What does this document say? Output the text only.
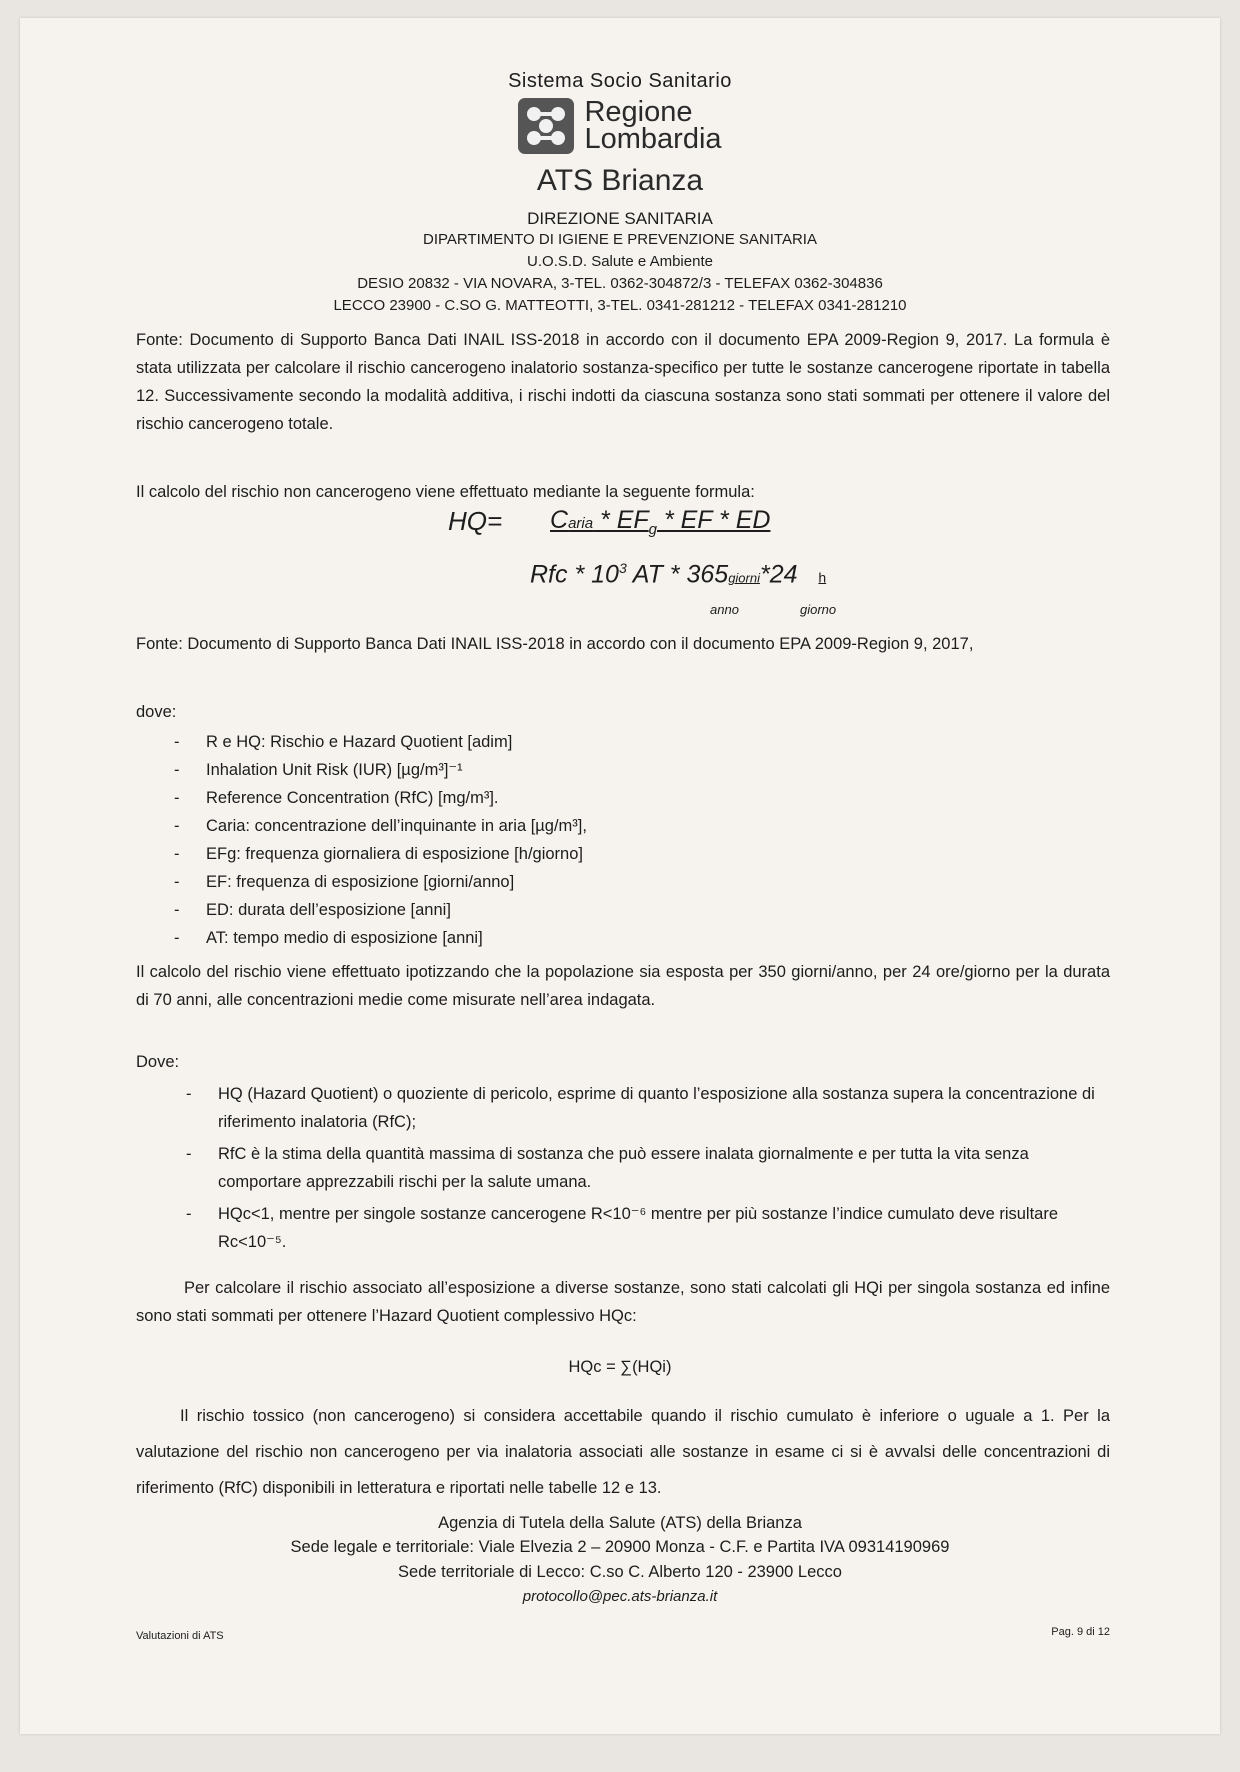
Sistema Socio Sanitario
Regione
Lombardia
ATS Brianza
DIREZIONE SANITARIA
DIPARTIMENTO DI IGIENE E PREVENZIONE SANITARIA
U.O.S.D. Salute e Ambiente
DESIO 20832 - VIA NOVARA, 3-TEL. 0362-304872/3 - TELEFAX 0362-304836
LECCO 23900 - C.SO G. MATTEOTTI, 3-TEL. 0341-281212 - TELEFAX 0341-281210
Fonte: Documento di Supporto Banca Dati INAIL ISS-2018 in accordo con il documento EPA 2009-Region 9, 2017. La formula è stata utilizzata per calcolare il rischio cancerogeno inalatorio sostanza-specifico per tutte le sostanze cancerogene riportate in tabella 12. Successivamente secondo la modalità additiva, i rischi indotti da ciascuna sostanza sono stati sommati per ottenere il valore del rischio cancerogeno totale.
Il calcolo del rischio non cancerogeno viene effettuato mediante la seguente formula:
HQ= Caria * $EF_g$ * EF * ED
Rfc * $10^3$ AT * 365giorni*24 h
anno	giorno
Fonte: Documento di Supporto Banca Dati INAIL ISS-2018 in accordo con il documento EPA 2009-Region 9, 2017,
dove:
- R e HQ: Rischio e Hazard Quotient [adim]
- Inhalation Unit Risk (IUR) [µg/m³]⁻¹
- Reference Concentration (RfC) [mg/m³].
- Caria: concentrazione dell’inquinante in aria [µg/m³],
- EFg: frequenza giornaliera di esposizione [h/giorno]
- EF: frequenza di esposizione [giorni/anno]
- ED: durata dell’esposizione [anni]
- AT: tempo medio di esposizione [anni]
Il calcolo del rischio viene effettuato ipotizzando che la popolazione sia esposta per 350 giorni/anno, per 24 ore/giorno per la durata di 70 anni, alle concentrazioni medie come misurate nell’area indagata.
Dove:
- HQ (Hazard Quotient) o quoziente di pericolo, esprime di quanto l’esposizione alla sostanza supera la concentrazione di riferimento inalatoria (RfC);
- RfC è la stima della quantità massima di sostanza che può essere inalata giornalmente e per tutta la vita senza comportare apprezzabili rischi per la salute umana.
- HQc<1, mentre per singole sostanze cancerogene R<10⁻⁶ mentre per più sostanze l’indice cumulato deve risultare Rc<10⁻⁵.
Per calcolare il rischio associato all’esposizione a diverse sostanze, sono stati calcolati gli HQi per singola sostanza ed infine sono stati sommati per ottenere l’Hazard Quotient complessivo HQc:
HQc = ∑(HQi)
Il rischio tossico (non cancerogeno) si considera accettabile quando il rischio cumulato è inferiore o uguale a 1. Per la valutazione del rischio non cancerogeno per via inalatoria associati alle sostanze in esame ci si è avvalsi delle concentrazioni di riferimento (RfC) disponibili in letteratura e riportati nelle tabelle 12 e 13.
Agenzia di Tutela della Salute (ATS) della Brianza
Sede legale e territoriale: Viale Elvezia 2 – 20900 Monza - C.F. e Partita IVA 09314190969
Sede territoriale di Lecco: C.so C. Alberto 120 - 23900 Lecco
protocollo@pec.ats-brianza.it
Valutazioni di ATS	Pag. 9 di 12
